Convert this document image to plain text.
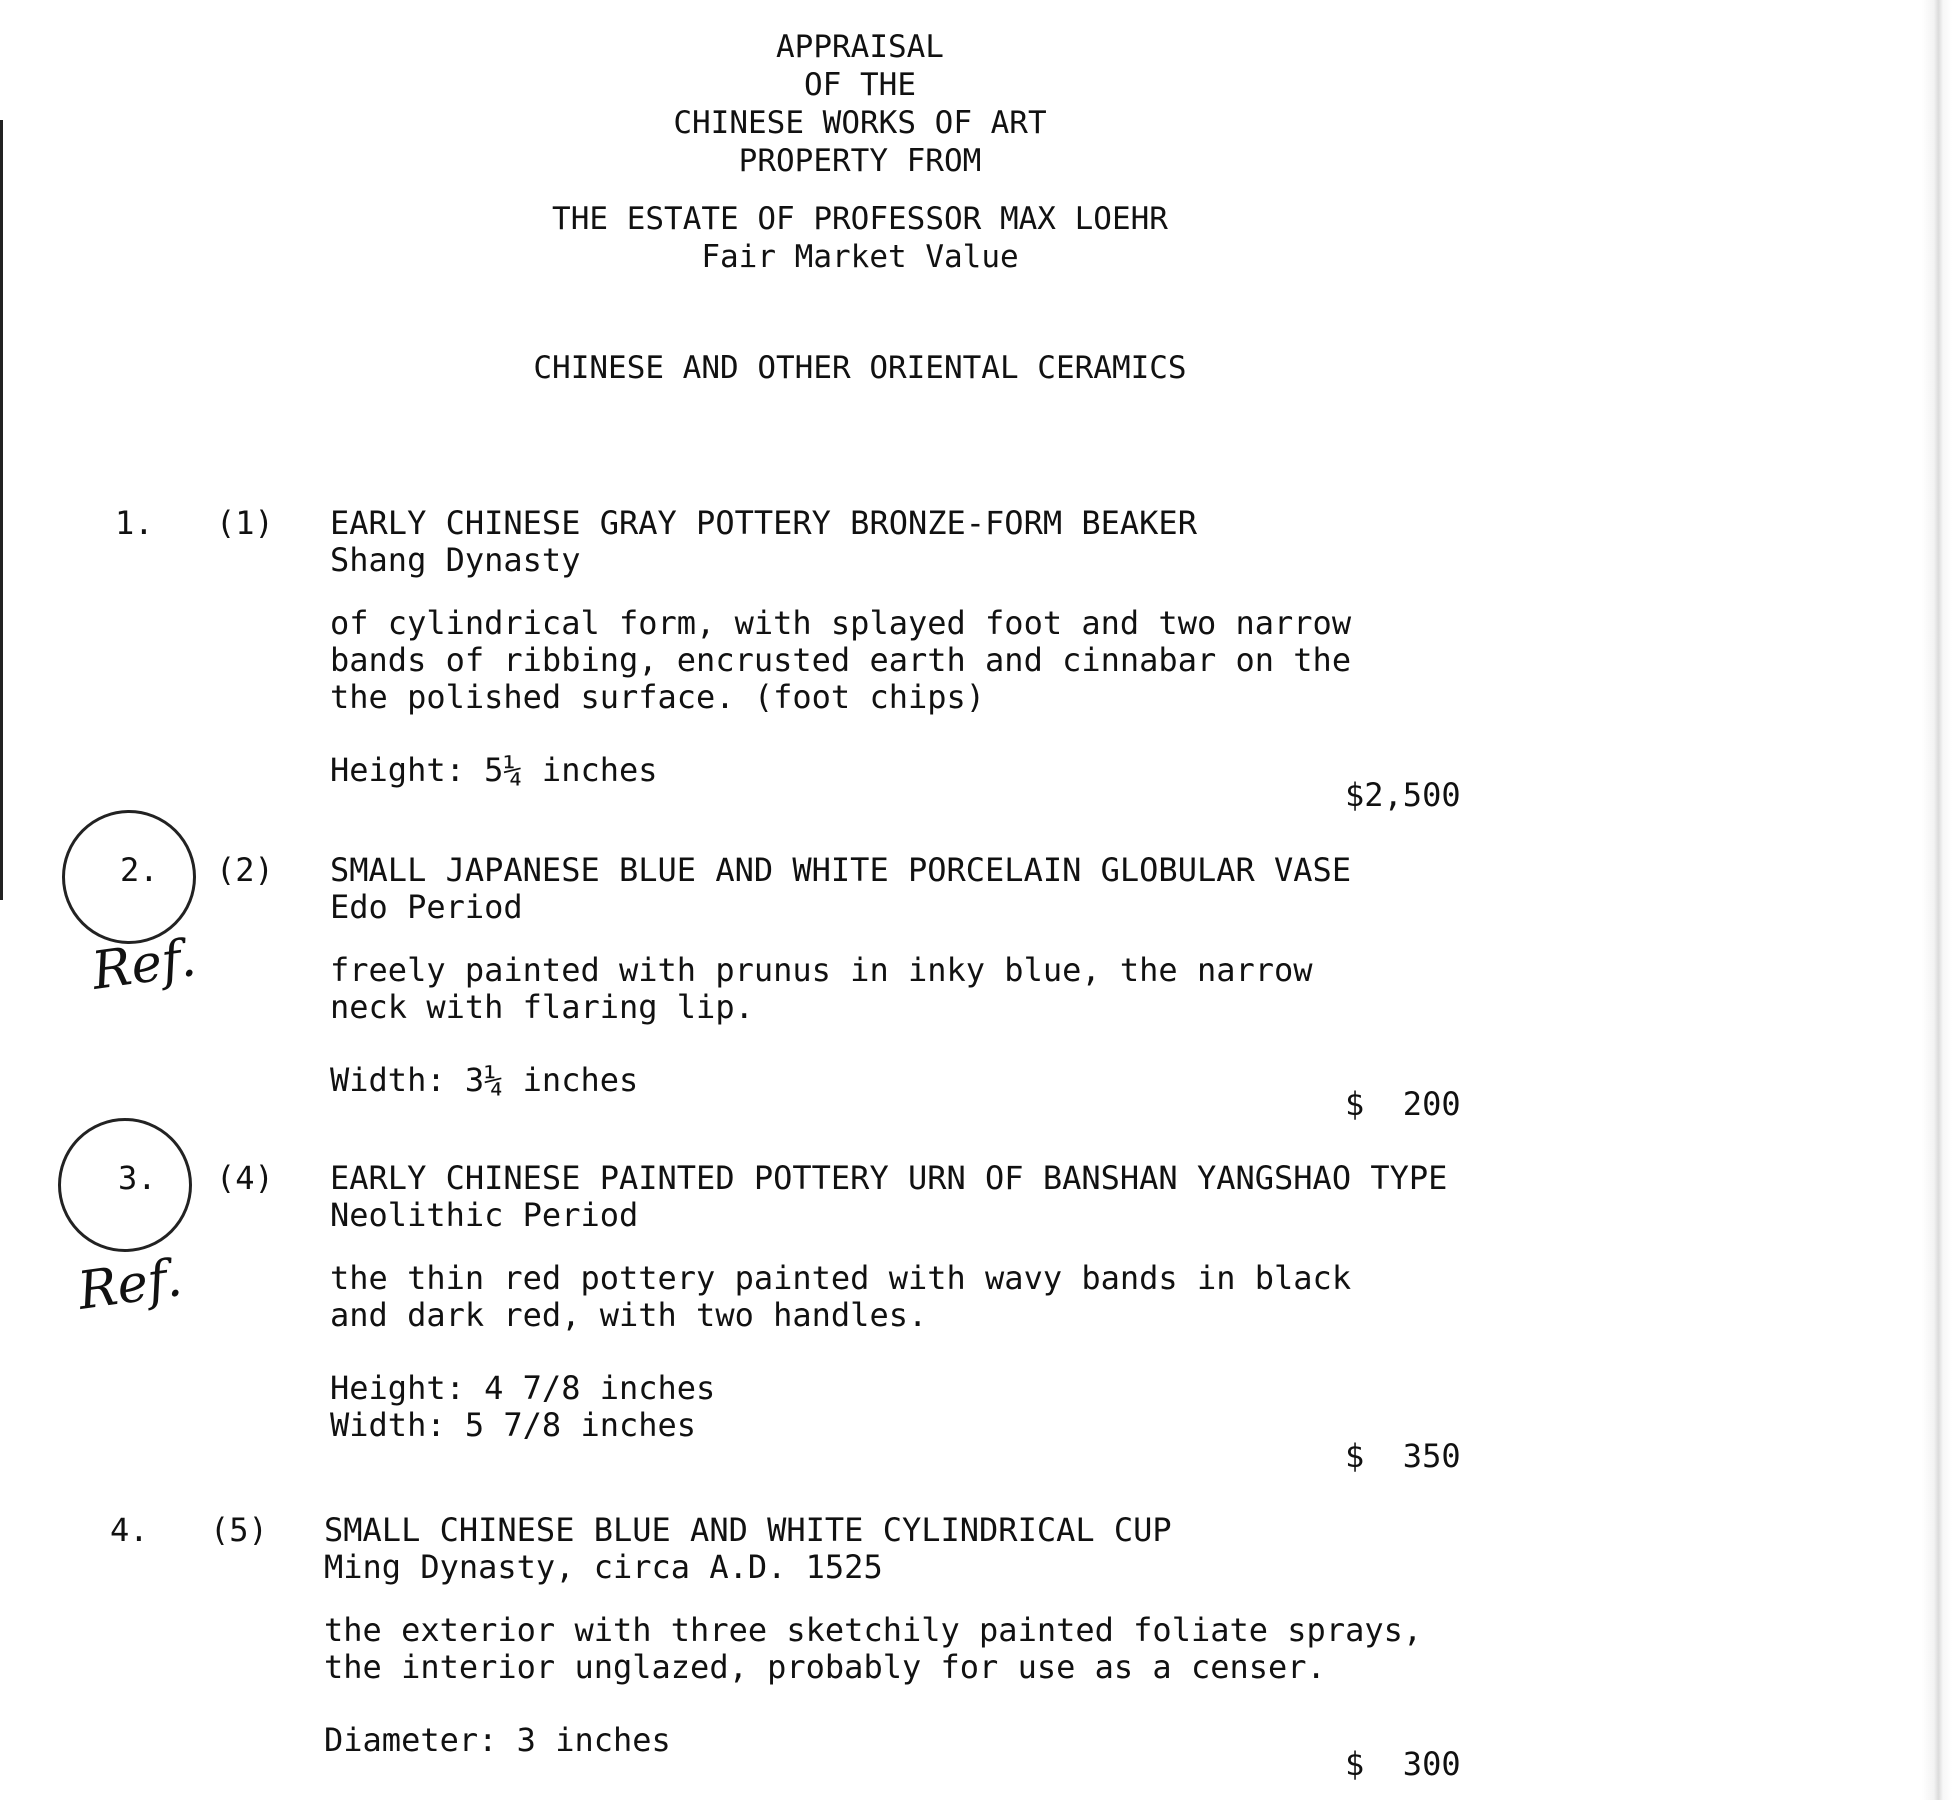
APPRAISAL
OF THE
CHINESE WORKS OF ART
PROPERTY FROM
THE ESTATE OF PROFESSOR MAX LOEHR
Fair Market Value
CHINESE AND OTHER ORIENTAL CERAMICS
1. (1) EARLY CHINESE GRAY POTTERY BRONZE-FORM BEAKER
Shang Dynasty
of cylindrical form, with splayed foot and two narrow
bands of ribbing, encrusted earth and cinnabar on the
the polished surface. (foot chips)
Height: 5¼ inches
$2,500
Ref.
2. (2) SMALL JAPANESE BLUE AND WHITE PORCELAIN GLOBULAR VASE
Edo Period
freely painted with prunus in inky blue, the narrow
neck with flaring lip.
Width: 3¼ inches
$  200
Ref.
3. (4) EARLY CHINESE PAINTED POTTERY URN OF BANSHAN YANGSHAO TYPE
Neolithic Period
the thin red pottery painted with wavy bands in black
and dark red, with two handles.
Height: 4 7/8 inches
Width: 5 7/8 inches
$  350
4. (5) SMALL CHINESE BLUE AND WHITE CYLINDRICAL CUP
Ming Dynasty, circa A.D. 1525
the exterior with three sketchily painted foliate sprays,
the interior unglazed, probably for use as a censer.
Diameter: 3 inches
$  300
